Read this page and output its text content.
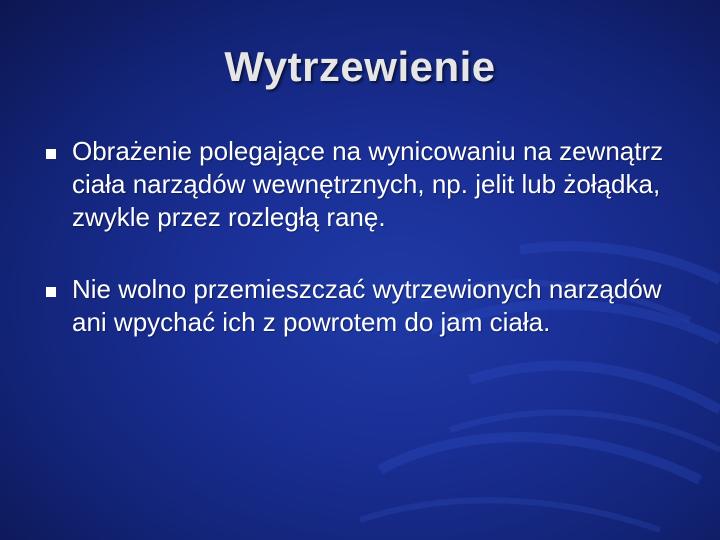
Wytrzewienie
Obrażenie polegające na wynicowaniu na zewnątrz ciała narządów wewnętrznych, np. jelit lub żołądka, zwykle przez rozległą ranę.
Nie wolno przemieszczać wytrzewionych narządów ani wpychać ich z powrotem do jam ciała.
